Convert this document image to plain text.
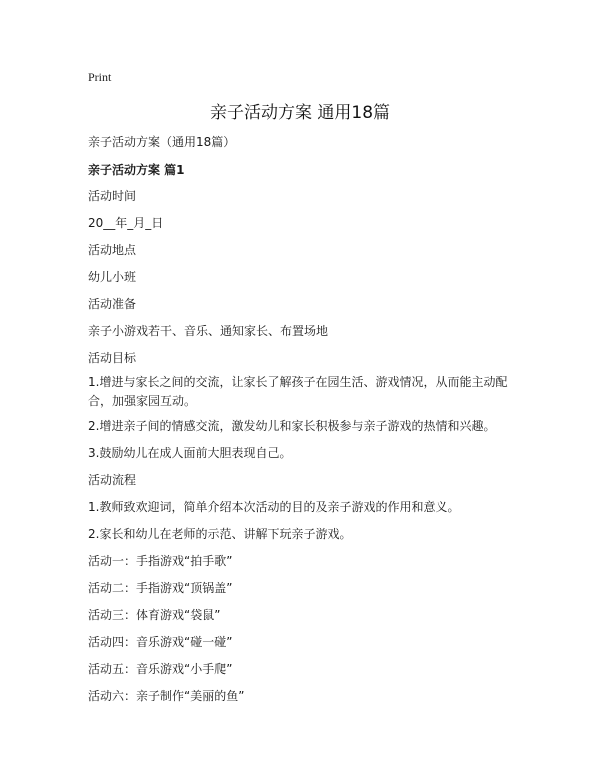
Print
亲子活动方案 通用18篇
亲子活动方案（通用18篇）
亲子活动方案 篇1
活动时间
20__年_月_日
活动地点
幼儿小班
活动准备
亲子小游戏若干、音乐、通知家长、布置场地
活动目标
1.增进与家长之间的交流，让家长了解孩子在园生活、游戏情况，从而能主动配合，加强家园互动。
2.增进亲子间的情感交流，激发幼儿和家长积极参与亲子游戏的热情和兴趣。
3.鼓励幼儿在成人面前大胆表现自己。
活动流程
1.教师致欢迎词，简单介绍本次活动的目的及亲子游戏的作用和意义。
2.家长和幼儿在老师的示范、讲解下玩亲子游戏。
活动一：手指游戏“拍手歌”
活动二：手指游戏“顶锅盖”
活动三：体育游戏“袋鼠”
活动四：音乐游戏“碰一碰”
活动五：音乐游戏“小手爬”
活动六：亲子制作“美丽的鱼”
